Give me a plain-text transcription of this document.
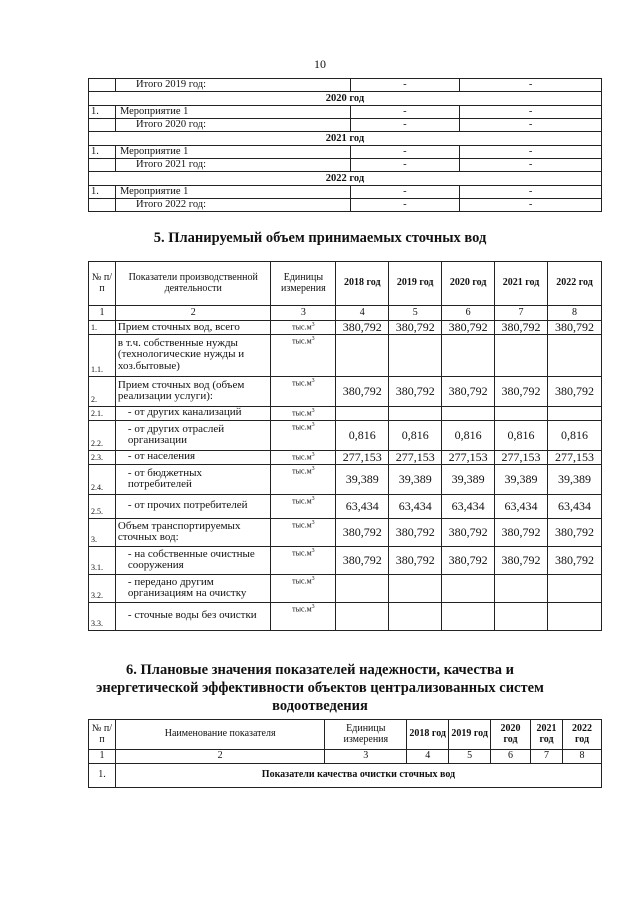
10
	Итого 2019 год:	-	-
2020 год			
1.	Мероприятие 1	-	-
	Итого 2020 год:	-	-
2021 год			
1.	Мероприятие 1	-	-
	Итого 2021 год:	-	-
2022 год			
1.	Мероприятие 1	-	-
	Итого 2022 год:	-	-
5. Планируемый объем принимаемых сточных вод
№ п/ п	Показатели производственной деятельности	Единицы измерения	2018 год	2019 год	2020 год	2021 год	2022 год
1	2	3	4	5	6	7	8
1.	Прием сточных вод, всего	$тыс.м^3$	380,792	380,792	380,792	380,792	380,792
1.1.	в т.ч. собственные нужды (технологические нужды и хоз.бытовые)	$тыс.м^3$					
2.	Прием сточных вод (объем реализации услуги):	$тыс.м^3$	380,792	380,792	380,792	380,792	380,792
2.1.	- от других канализаций	$тыс.м^3$					
2.2.	- от других отраслей организации	$тыс.м^3$	0,816	0,816	0,816	0,816	0,816
2.3.	- от населения	$тыс.м^3$	277,153	277,153	277,153	277,153	277,153
2.4.	- от бюджетных потребителей	$тыс.м^3$	39,389	39,389	39,389	39,389	39,389
2.5.	- от прочих потребителей	$тыс.м^3$	63,434	63,434	63,434	63,434	63,434
3.	Объем транспортируемых сточных вод:	$тыс.м^3$	380,792	380,792	380,792	380,792	380,792
3.1.	- на собственные очистные сооружения	$тыс.м^3$	380,792	380,792	380,792	380,792	380,792
3.2.	- передано другим организациям на очистку	$тыс.м^3$					
3.3.	- сточные воды без очистки	$тыс.м^3$					
6. Плановые значения показателей надежности, качества и
энергетической эффективности объектов централизованных систем
водоотведения
№ п/п	Наименование показателя	Единицы измерения	2018 год	2019 год	2020 год	2021 год	2022 год
1	2	3	4	5	6	7	8
1.	Показатели качества очистки сточных вод						
